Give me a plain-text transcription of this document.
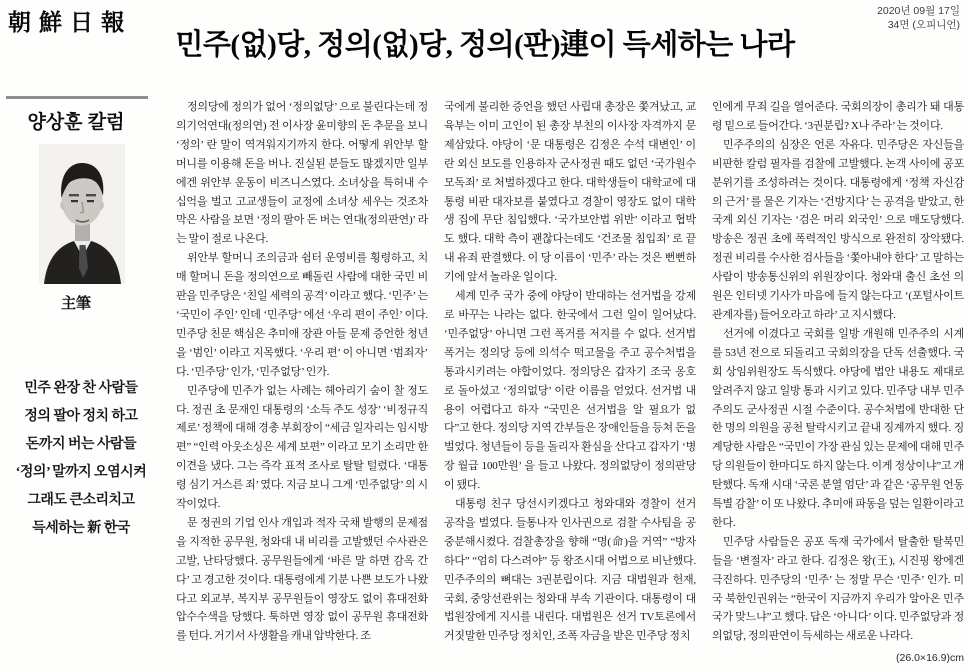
朝鮮日報	2020년 09월 17일
34면 (오피니언)
민주(없)당, 정의(없)당, 정의(판)連이 득세하는 나라
양상훈 칼럼
主筆
민주 완장 찬 사람들
정의 팔아 정치 하고
돈까지 버는 사람들
‘정의’ 말까지 오염시켜
그래도 큰소리치고
득세하는 新 한국

정의당에 정의가 없어 ‘정의없당’ 으로 불린다는데 정의기억연대(정의연) 전 이사장 윤미향의 돈 추문을 보니 ‘정의’ 란 말이 역겨워지기까지 한다. 어떻게 위안부 할머니를 이용해 돈을 버나. 진실된 분들도 많겠지만 일부에겐 위안부 운동이 비즈니스였다. 소녀상을 특허내 수십억을 벌고 고교생들이 교정에 소녀상 세우는 것조차 막은 사람을 보면 ‘정의 팔아 돈 버는 연대(정의판연)’ 라는 말이 절로 나온다.

위안부 할머니 조의금과 쉼터 운영비를 횡령하고, 치매 할머니 돈을 정의연으로 빼돌린 사람에 대한 국민 비판을 민주당은 ‘친일 세력의 공격’ 이라고 했다. ‘민주’ 는 ‘국민이 주인’ 인데 ‘민주당’ 에선 ‘우리 편이 주인’ 이다. 민주당 친문 핵심은 추미애 장관 아들 문제 증언한 청년을 ‘범인’ 이라고 지목했다. ‘우리 편’ 이 아니면 ‘범죄자’ 다. ‘민주당’ 인가, ‘민주없당’ 인가.

민주당에 민주가 없는 사례는 헤아리기 숨이 찰 정도다. 정권 초 문재인 대통령의 ‘소득 주도 성장’ ‘비정규직 제로’ 정책에 대해 경총 부회장이 “세금 일자리는 임시방편” “인력 아웃소싱은 세계 보편” 이라고 모기 소리만 한 이견을 냈다. 그는 즉각 표적 조사로 탈탈 털렸다. ‘대통령 심기 거스른 죄’ 였다. 지금 보니 그게 ‘민주없당’ 의 시작이었다.

문 정권의 기업 인사 개입과 적자 국채 발행의 문제점을 지적한 공무원, 청와대 내 비리를 고발했던 수사관은 고발, 난타당했다. 공무원들에게 ‘바른 말 하면 감옥 간다’ 고 경고한 것이다. 대통령에게 기분 나쁜 보도가 나왔다고 외교부, 복지부 공무원들이 영장도 없이 휴대전화 압수수색을 당했다. 툭하면 영장 없이 공무원 휴대전화를 턴다. 거기서 사생활을 캐내 압박한다. 조

국에게 불리한 증언을 했던 사립대 총장은 쫓겨났고, 교육부는 이미 고인이 된 총장 부친의 이사장 자격까지 문제삼았다. 야당이 ‘문 대통령은 김정은 수석 대변인’ 이란 외신 보도를 인용하자 군사정권 때도 없던 ‘국가원수 모독죄’ 로 처벌하겠다고 한다. 대학생들이 대학교에 대통령 비판 대자보를 붙였다고 경찰이 영장도 없이 대학생 집에 무단 침입했다. ‘국가보안법 위반’ 이라고 협박도 했다. 대학 측이 괜찮다는데도 ‘건조물 침입죄’ 로 끝내 유죄 판결했다. 이 당 이름이 ‘민주’ 라는 것은 뻔뻔하기에 앞서 놀라운 일이다.

세계 민주 국가 중에 야당이 반대하는 선거법을 강제로 바꾸는 나라는 없다. 한국에서 그런 일이 일어났다. ‘민주없당’ 아니면 그런 폭거를 저지를 수 없다. 선거법 폭거는 정의당 등에 의석수 떡고물을 주고 공수처법을 통과시키려는 야합이었다. 정의당은 갑자기 조국 옹호로 돌아섰고 ‘정의없당’ 이란 이름을 얻었다. 선거법 내용이 어렵다고 하자 “국민은 선거법을 알 필요가 없다”고 한다. 정의당 지역 간부들은 장애인들을 등쳐 돈을 벌었다. 청년들이 등을 돌리자 환심을 산다고 갑자기 ‘병장 월급 100만원’ 을 들고 나왔다. 정의없당이 정의판당이 됐다.

대통령 친구 당선시키겠다고 청와대와 경찰이 선거 공작을 벌였다. 들통나자 인사권으로 검찰 수사팀을 공중분해시켰다. 검찰총장을 향해 “명(命)을 거역” “방자하다” “엄히 다스려야” 등 왕조시대 어법으로 비난했다. 민주주의의 뼈대는 3권분립이다. 지금 대법원과 헌재, 국회, 중앙선관위는 청와대 부속 기관이다. 대통령이 대법원장에게 지시를 내린다. 대법원은 선거 TV토론에서 거짓말한 민주당 정치인, 조폭 자금을 받은 민주당 정치

인에게 무죄 길을 열어준다. 국회의장이 총리가 돼 대통령 밑으로 들어간다. ‘3권분립? X나 주라’ 는 것이다.

민주주의의 심장은 언론 자유다. 민주당은 자신들을 비판한 칼럼 필자를 검찰에 고발했다. 논객 사이에 공포 분위기를 조성하려는 것이다. 대통령에게 ‘정책 자신감의 근거’ 를 물은 기자는 ‘건방지다’ 는 공격을 받았고, 한국계 외신 기자는 ‘검은 머리 외국인’ 으로 매도당했다. 방송은 정권 초에 폭력적인 방식으로 완전히 장악됐다. 정권 비리를 수사한 검사들을 ‘쫓아내야 한다’ 고 말하는 사람이 방송통신위의 위원장이다. 청와대 출신 초선 의원은 인터넷 기사가 마음에 들지 않는다고 ‘(포털사이트 관계자를) 들어오라고 하라’ 고 지시했다.

선거에 이겼다고 국회를 일방 개원해 민주주의 시계를 53년 전으로 되돌리고 국회의장을 단독 선출했다. 국회 상임위원장도 독식했다. 야당에 법안 내용도 제대로 알려주지 않고 일방 통과 시키고 있다. 민주당 내부 민주주의도 군사정권 시절 수준이다. 공수처법에 반대한 단 한 명의 의원을 공천 탈락시키고 끝내 징계까지 했다. 징계당한 사람은 “국민이 가장 관심 있는 문제에 대해 민주당 의원들이 한마디도 하지 않는다. 이게 정상이냐”고 개탄했다. 독재 시대 ‘국론 분열 엄단’ 과 같은 ‘공무원 언동 특별 감찰’ 이 또 나왔다. 추미애 파동을 덮는 일환이라고 한다.

민주당 사람들은 공포 독재 국가에서 탈출한 탈북민들을 ‘변절자’ 라고 한다. 김정은 왕(王), 시진핑 왕에겐 극진하다. 민주당의 ‘민주’ 는 정말 무슨 ‘민주’ 인가. 미국 북한인권위는 “한국이 지금까지 우리가 알아온 민주 국가 맞느냐”고 했다. 답은 ‘아니다’ 이다. 민주없당과 정의없당, 정의판연이 득세하는 새로운 나라다.

(26.0×16.9)cm
